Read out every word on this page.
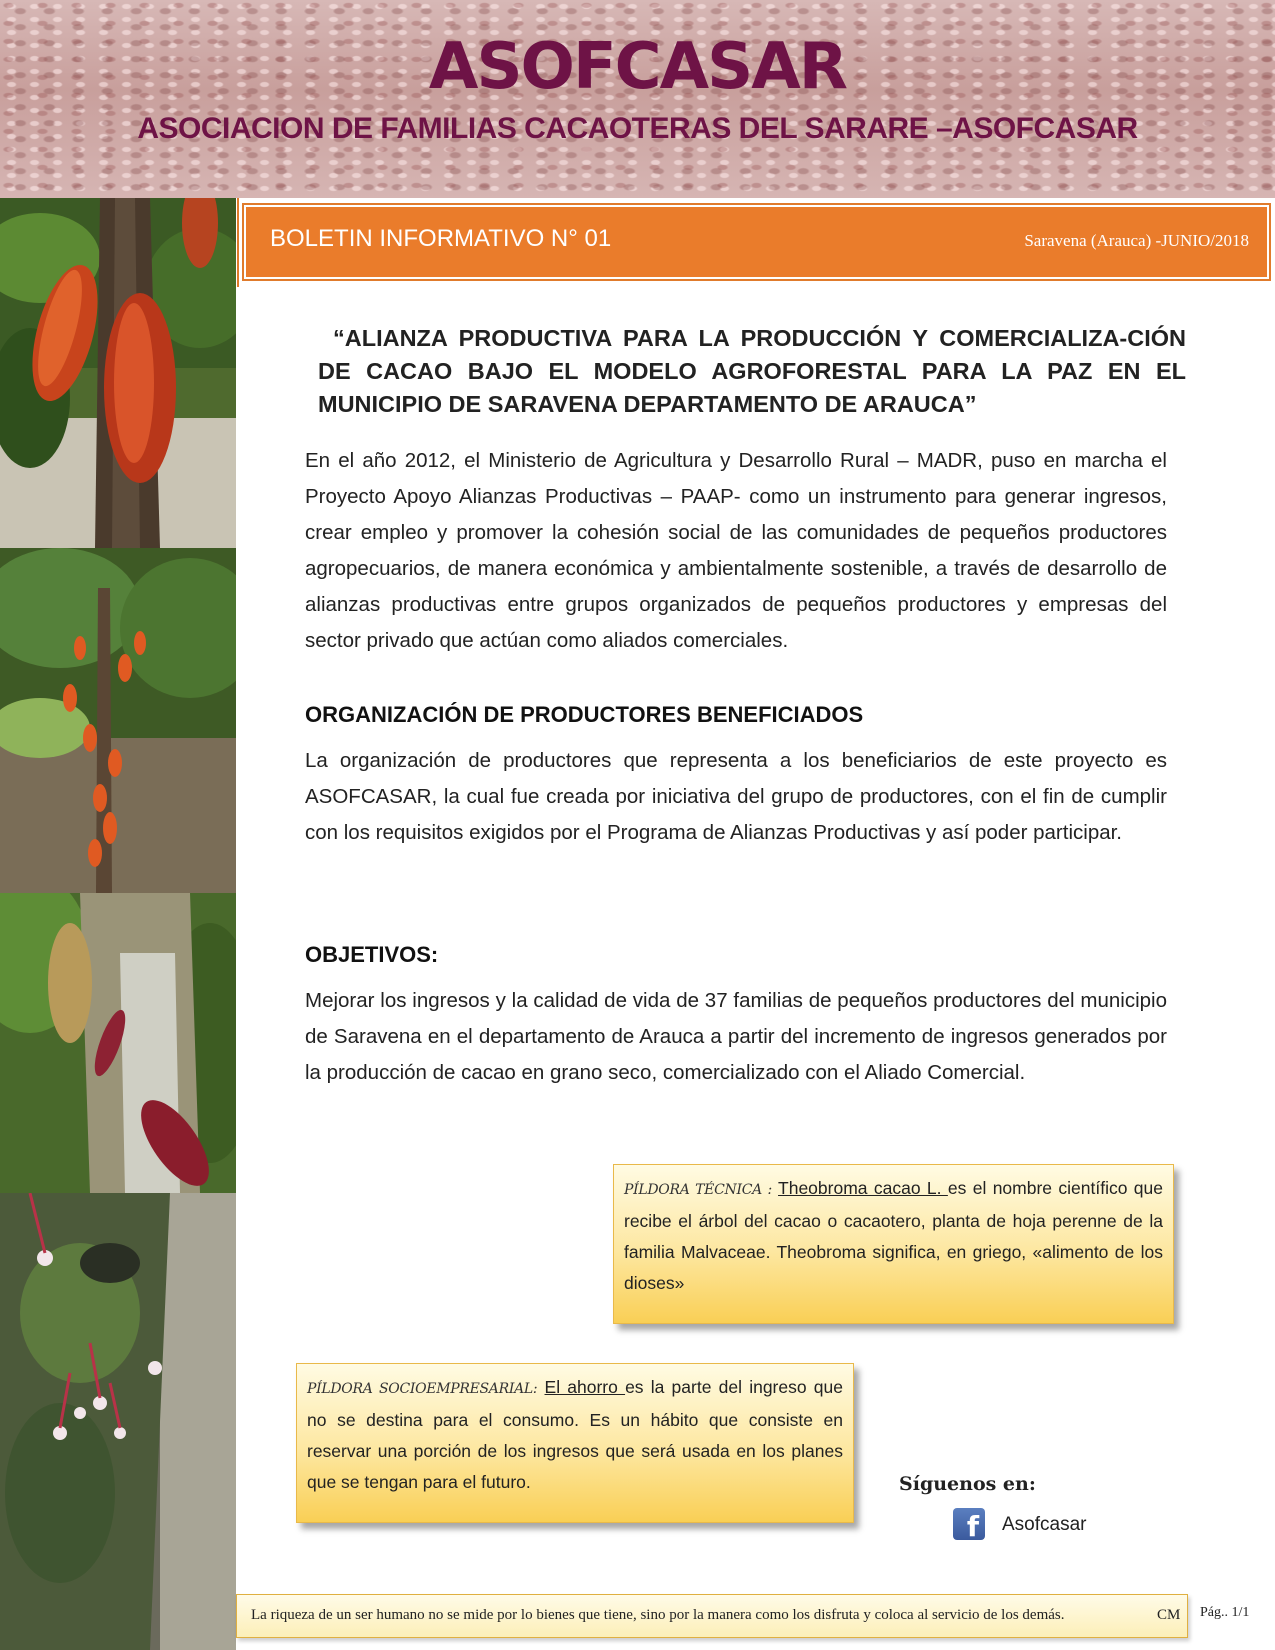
ASOFCASAR
ASOCIACION DE FAMILIAS CACAOTERAS DEL SARARE –ASOFCASAR
BOLETIN INFORMATIVO N° 01	Saravena (Arauca) -JUNIO/2018
“ALIANZA PRODUCTIVA PARA LA PRODUCCIÓN Y COMERCIALIZA-CIÓN DE CACAO BAJO EL MODELO AGROFORESTAL PARA LA PAZ EN EL MUNICIPIO DE SARAVENA DEPARTAMENTO DE ARAUCA”
En el año 2012, el Ministerio de Agricultura y Desarrollo Rural – MADR, puso en marcha el Proyecto Apoyo Alianzas Productivas – PAAP- como un instrumento para generar ingresos, crear empleo y promover la cohesión social de las comunidades de pequeños productores agropecuarios, de manera económica y ambientalmente sostenible, a través de desarrollo de alianzas productivas entre grupos organizados de pequeños productores y empresas del sector privado que actúan como aliados comerciales.
ORGANIZACIÓN DE PRODUCTORES BENEFICIADOS
La organización de productores que representa a los beneficiarios de este proyecto es ASOFCASAR, la cual fue creada por iniciativa del grupo de productores, con el fin de cumplir con los requisitos exigidos por el Programa de Alianzas Productivas y así poder participar.
OBJETIVOS:
Mejorar los ingresos y la calidad de vida de 37 familias de pequeños productores del municipio de Saravena en el departamento de Arauca a partir del incremento de ingresos generados por la producción de cacao en grano seco, comercializado con el Aliado Comercial.
PÍLDORA TÉCNICA : Theobroma cacao L. es el nombre científico que recibe el árbol del cacao o cacaotero, planta de hoja perenne de la familia Malvaceae. Theobroma significa, en griego, «alimento de los dioses»
PÍLDORA SOCIOEMPRESARIAL: El ahorro es la parte del ingreso que no se destina para el consumo. Es un hábito que consiste en reservar una porción de los ingresos que será usada en los planes que se tengan para el futuro.	Síguenos en:
f	Asofcasar
La riqueza de un ser humano no se mide por lo bienes que tiene, sino por la manera como los disfruta y coloca al servicio de los demás.	CM Pág.. 1/1
